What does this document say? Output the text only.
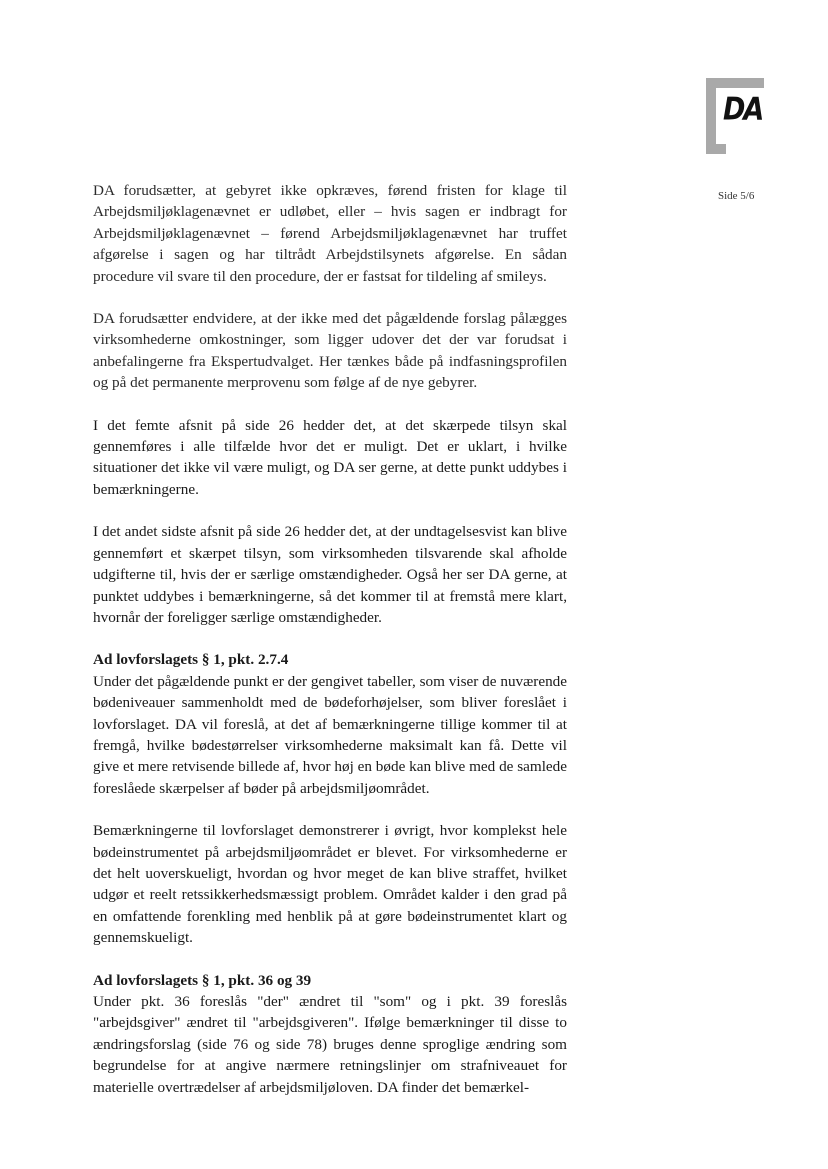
DA
Side 5/6

DA forudsætter, at gebyret ikke opkræves, førend fristen for klage til Arbejdsmiljøklagenævnet er udløbet, eller – hvis sagen er indbragt for Arbejdsmiljøklagenævnet – førend Arbejdsmiljøklagenævnet har truffet afgørelse i sagen og har tiltrådt Arbejdstilsynets afgørelse. En sådan procedure vil svare til den procedure, der er fastsat for tildeling af smileys.

DA forudsætter endvidere, at der ikke med det pågældende forslag pålægges virksomhederne omkostninger, som ligger udover det der var forudsat i anbefalingerne fra Ekspertudvalget. Her tænkes både på indfasningsprofilen og på det permanente merprovenu som følge af de nye gebyrer.

I det femte afsnit på side 26 hedder det, at det skærpede tilsyn skal gennemføres i alle tilfælde hvor det er muligt. Det er uklart, i hvilke situationer det ikke vil være muligt, og DA ser gerne, at dette punkt uddybes i bemærkningerne.

I det andet sidste afsnit på side 26 hedder det, at der undtagelsesvist kan blive gennemført et skærpet tilsyn, som virksomheden tilsvarende skal afholde udgifterne til, hvis der er særlige omstændigheder. Også her ser DA gerne, at punktet uddybes i bemærkningerne, så det kommer til at fremstå mere klart, hvornår der foreligger særlige omstændigheder.

Ad lovforslagets § 1, pkt. 2.7.4

Under det pågældende punkt er der gengivet tabeller, som viser de nuværende bødeniveauer sammenholdt med de bødeforhøjelser, som bliver foreslået i lovforslaget. DA vil foreslå, at det af bemærkningerne tillige kommer til at fremgå, hvilke bødestørrelser virksomhederne maksimalt kan få. Dette vil give et mere retvisende billede af, hvor høj en bøde kan blive med de samlede foreslåede skærpelser af bøder på arbejdsmiljøområdet.

Bemærkningerne til lovforslaget demonstrerer i øvrigt, hvor komplekst hele bødeinstrumentet på arbejdsmiljøområdet er blevet. For virksomhederne er det helt uoverskueligt, hvordan og hvor meget de kan blive straffet, hvilket udgør et reelt retssikkerhedsmæssigt problem. Området kalder i den grad på en omfattende forenkling med henblik på at gøre bødeinstrumentet klart og gennemskueligt.

Ad lovforslagets § 1, pkt. 36 og 39

Under pkt. 36 foreslås "der" ændret til "som" og i pkt. 39 foreslås "arbejdsgiver" ændret til "arbejdsgiveren". Ifølge bemærkninger til disse to ændringsforslag (side 76 og side 78) bruges denne sproglige ændring som begrundelse for at angive nærmere retningslinjer om strafniveauet for materielle overtrædelser af arbejdsmiljøloven. DA finder det bemærkel-
